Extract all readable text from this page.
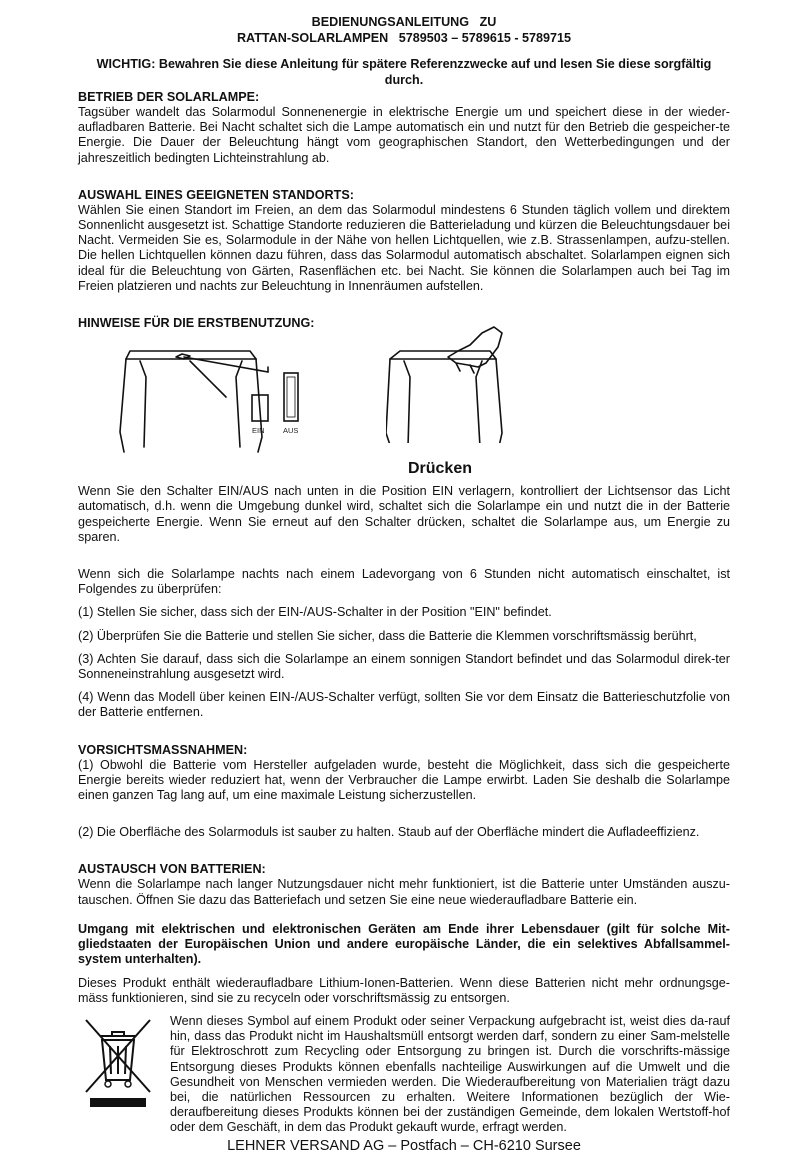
BEDIENUNGSANLEITUNG   ZU
RATTAN-SOLARLAMPEN   5789503 – 5789615 - 5789715
WICHTIG: Bewahren Sie diese Anleitung für spätere Referenzzwecke auf und lesen Sie diese sorgfältig durch.
BETRIEB DER SOLARLAMPE:

Tagsüber wandelt das Solarmodul Sonnenenergie in elektrische Energie um und speichert diese in der wieder-aufladbaren Batterie. Bei Nacht schaltet sich die Lampe automatisch ein und nutzt für den Betrieb die gespeicher-te Energie. Die Dauer der Beleuchtung hängt vom geographischen Standort, den Wetterbedingungen und der jahreszeitlich bedingten Lichteinstrahlung ab.

AUSWAHL EINES GEEIGNETEN STANDORTS:

Wählen Sie einen Standort im Freien, an dem das Solarmodul mindestens 6 Stunden täglich vollem und direktem Sonnenlicht ausgesetzt ist. Schattige Standorte reduzieren die Batterieladung und kürzen die Beleuchtungsdauer bei Nacht. Vermeiden Sie es, Solarmodule in der Nähe von hellen Lichtquellen, wie z.B. Strassenlampen, aufzu-stellen. Die hellen Lichtquellen können dazu führen, dass das Solarmodul automatisch abschaltet. Solarlampen eignen sich ideal für die Beleuchtung von Gärten, Rasenflächen etc. bei Nacht. Sie können die Solarlampen auch bei Tag im Freien platzieren und nachts zur Beleuchtung in Innenräumen aufstellen.

HINWEISE FÜR DIE ERSTBENUTZUNG:
EIN AUS
Drücken

Wenn Sie den Schalter EIN/AUS nach unten in die Position EIN verlagern, kontrolliert der Lichtsensor das Licht automatisch, d.h. wenn die Umgebung dunkel wird, schaltet sich die Solarlampe ein und nutzt die in der Batterie gespeicherte Energie. Wenn Sie erneut auf den Schalter drücken, schaltet die Solarlampe aus, um Energie zu sparen.

Wenn sich die Solarlampe nachts nach einem Ladevorgang von 6 Stunden nicht automatisch einschaltet, ist Folgendes zu überprüfen:

(1) Stellen Sie sicher, dass sich der EIN-/AUS-Schalter in der Position "EIN" befindet.

(2) Überprüfen Sie die Batterie und stellen Sie sicher, dass die Batterie die Klemmen vorschriftsmässig berührt,

(3) Achten Sie darauf, dass sich die Solarlampe an einem sonnigen Standort befindet und das Solarmodul direk-ter Sonneneinstrahlung ausgesetzt wird.

(4) Wenn das Modell über keinen EIN-/AUS-Schalter verfügt, sollten Sie vor dem Einsatz die Batterieschutzfolie von der Batterie entfernen.

VORSICHTSMASSNAHMEN:

(1) Obwohl die Batterie vom Hersteller aufgeladen wurde, besteht die Möglichkeit, dass sich die gespeicherte Energie bereits wieder reduziert hat, wenn der Verbraucher die Lampe erwirbt. Laden Sie deshalb die Solarlampe einen ganzen Tag lang auf, um eine maximale Leistung sicherzustellen.

(2) Die Oberfläche des Solarmoduls ist sauber zu halten. Staub auf der Oberfläche mindert die Aufladeeffizienz.

AUSTAUSCH VON BATTERIEN:

Wenn die Solarlampe nach langer Nutzungsdauer nicht mehr funktioniert, ist die Batterie unter Umständen auszu-tauschen. Öffnen Sie dazu das Batteriefach und setzen Sie eine neue wiederaufladbare Batterie ein.

Umgang mit elektrischen und elektronischen Geräten am Ende ihrer Lebensdauer (gilt für solche Mit-gliedstaaten der Europäischen Union und andere europäische Länder, die ein selektives Abfallsammel-system unterhalten).

Dieses Produkt enthält wiederaufladbare Lithium-Ionen-Batterien. Wenn diese Batterien nicht mehr ordnungsge-mäss funktionieren, sind sie zu recyceln oder vorschriftsmässig zu entsorgen.

Wenn dieses Symbol auf einem Produkt oder seiner Verpackung aufgebracht ist, weist dies da-rauf hin, dass das Produkt nicht im Haushaltsmüll entsorgt werden darf, sondern zu einer Sam-melstelle für Elektroschrott zum Recycling oder Entsorgung zu bringen ist. Durch die vorschrifts-mässige Entsorgung dieses Produkts können ebenfalls nachteilige Auswirkungen auf die Umwelt und die Gesundheit von Menschen vermieden werden. Die Wiederaufbereitung von Materialien trägt dazu bei, die natürlichen Ressourcen zu erhalten. Weitere Informationen bezüglich der Wie-deraufbereitung dieses Produkts können bei der zuständigen Gemeinde, dem lokalen Wertstoff-hof oder dem Geschäft, in dem das Produkt gekauft wurde, erfragt werden.

LEHNER VERSAND AG – Postfach – CH-6210 Sursee
